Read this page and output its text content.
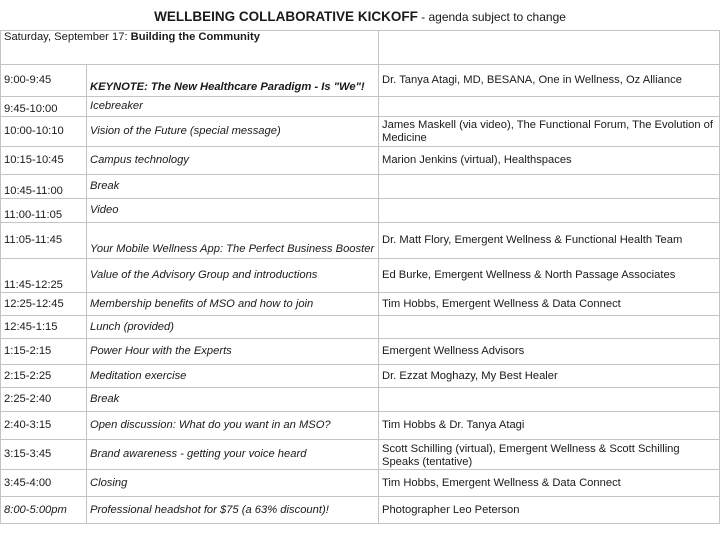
WELLBEING COLLABORATIVE KICKOFF - agenda subject to change
Saturday, September 17: Building the Community		
9:00-9:45	KEYNOTE: The New Healthcare Paradigm - Is "We"!	Dr. Tanya Atagi, MD, BESANA, One in Wellness, Oz Alliance
9:45-10:00	Icebreaker	
10:00-10:10	Vision of the Future (special message)	James Maskell (via video), The Functional Forum, The Evolution of Medicine
10:15-10:45	Campus technology	Marion Jenkins (virtual), Healthspaces
10:45-11:00	Break	
11:00-11:05	Video	
11:05-11:45	Your Mobile Wellness App: The Perfect Business Booster	Dr. Matt Flory, Emergent Wellness & Functional Health Team
11:45-12:25	Value of the Advisory Group and introductions	Ed Burke, Emergent Wellness & North Passage Associates
12:25-12:45	Membership benefits of MSO and how to join	Tim Hobbs, Emergent Wellness & Data Connect
12:45-1:15	Lunch (provided)	
1:15-2:15	Power Hour with the Experts	Emergent Wellness Advisors
2:15-2:25	Meditation exercise	Dr. Ezzat Moghazy, My Best Healer
2:25-2:40	Break	
2:40-3:15	Open discussion: What do you want in an MSO?	Tim Hobbs & Dr. Tanya Atagi
3:15-3:45	Brand awareness - getting your voice heard	Scott Schilling (virtual), Emergent Wellness & Scott Schilling Speaks (tentative)
3:45-4:00	Closing	Tim Hobbs, Emergent Wellness & Data Connect
8:00-5:00pm	Professional headshot for $75 (a 63% discount)!	Photographer Leo Peterson
